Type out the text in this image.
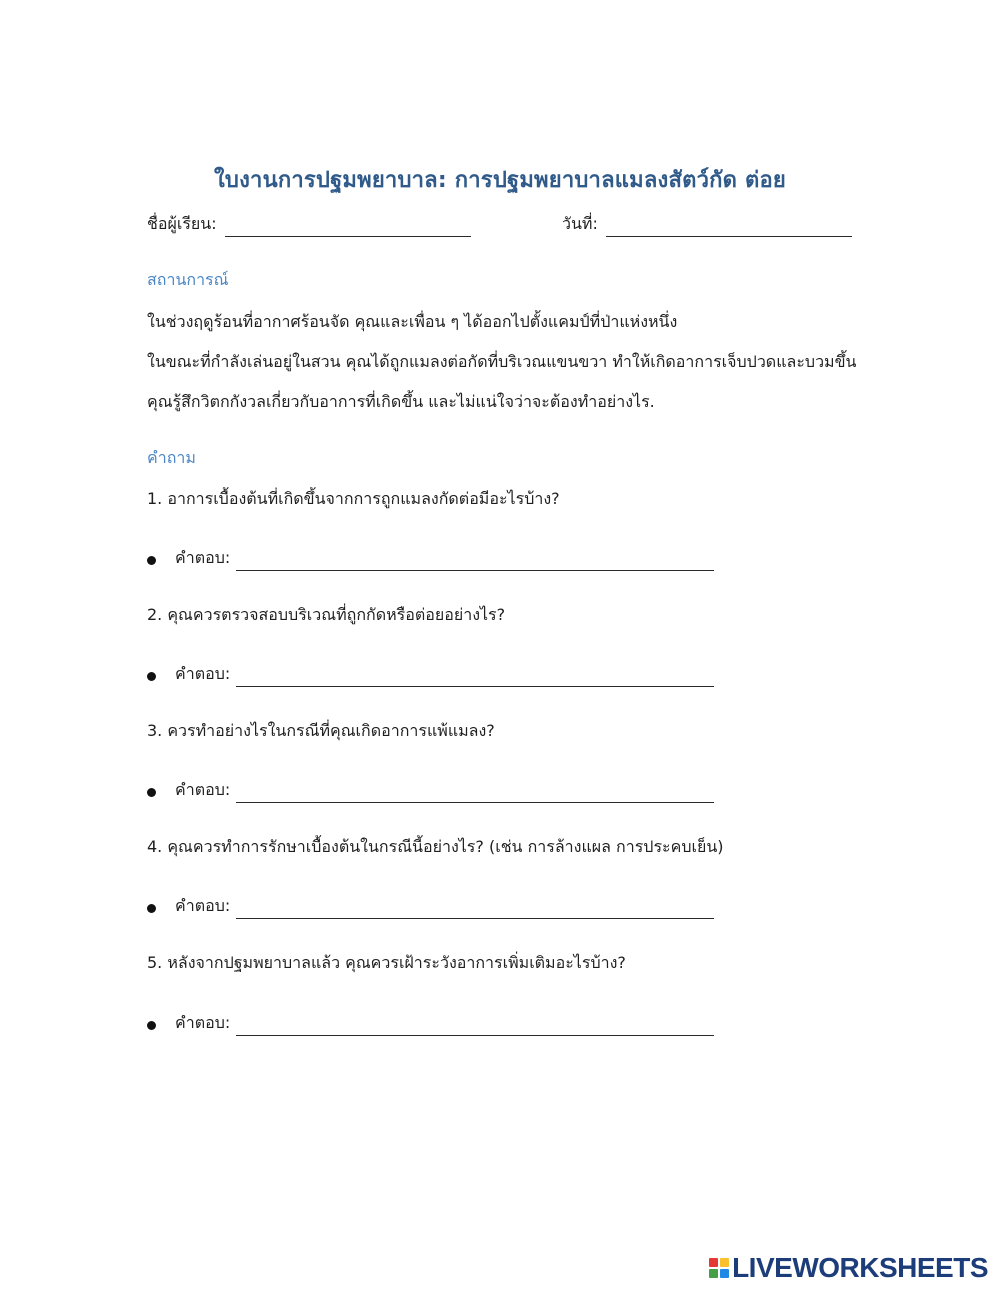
ใบงานการปฐมพยาบาล: การปฐมพยาบาลแมลงสัตว์กัด ต่อย
ชื่อผู้เรียน:	วันที่:
สถานการณ์
ในช่วงฤดูร้อนที่อากาศร้อนจัด คุณและเพื่อน ๆ ได้ออกไปตั้งแคมป์ที่ป่าแห่งหนึ่ง
ในขณะที่กำลังเล่นอยู่ในสวน คุณได้ถูกแมลงต่อกัดที่บริเวณแขนขวา ทำให้เกิดอาการเจ็บปวดและบวมขึ้น
คุณรู้สึกวิตกกังวลเกี่ยวกับอาการที่เกิดขึ้น และไม่แน่ใจว่าจะต้องทำอย่างไร.
คำถาม
1. อาการเบื้องต้นที่เกิดขึ้นจากการถูกแมลงกัดต่อมีอะไรบ้าง?
คำตอบ:
2. คุณควรตรวจสอบบริเวณที่ถูกกัดหรือต่อยอย่างไร?
คำตอบ:
3. ควรทำอย่างไรในกรณีที่คุณเกิดอาการแพ้แมลง?
คำตอบ:
4. คุณควรทำการรักษาเบื้องต้นในกรณีนี้อย่างไร? (เช่น การล้างแผล การประคบเย็น)
คำตอบ:
5. หลังจากปฐมพยาบาลแล้ว คุณควรเฝ้าระวังอาการเพิ่มเติมอะไรบ้าง?
คำตอบ:
LIVEWORKSHEETS
